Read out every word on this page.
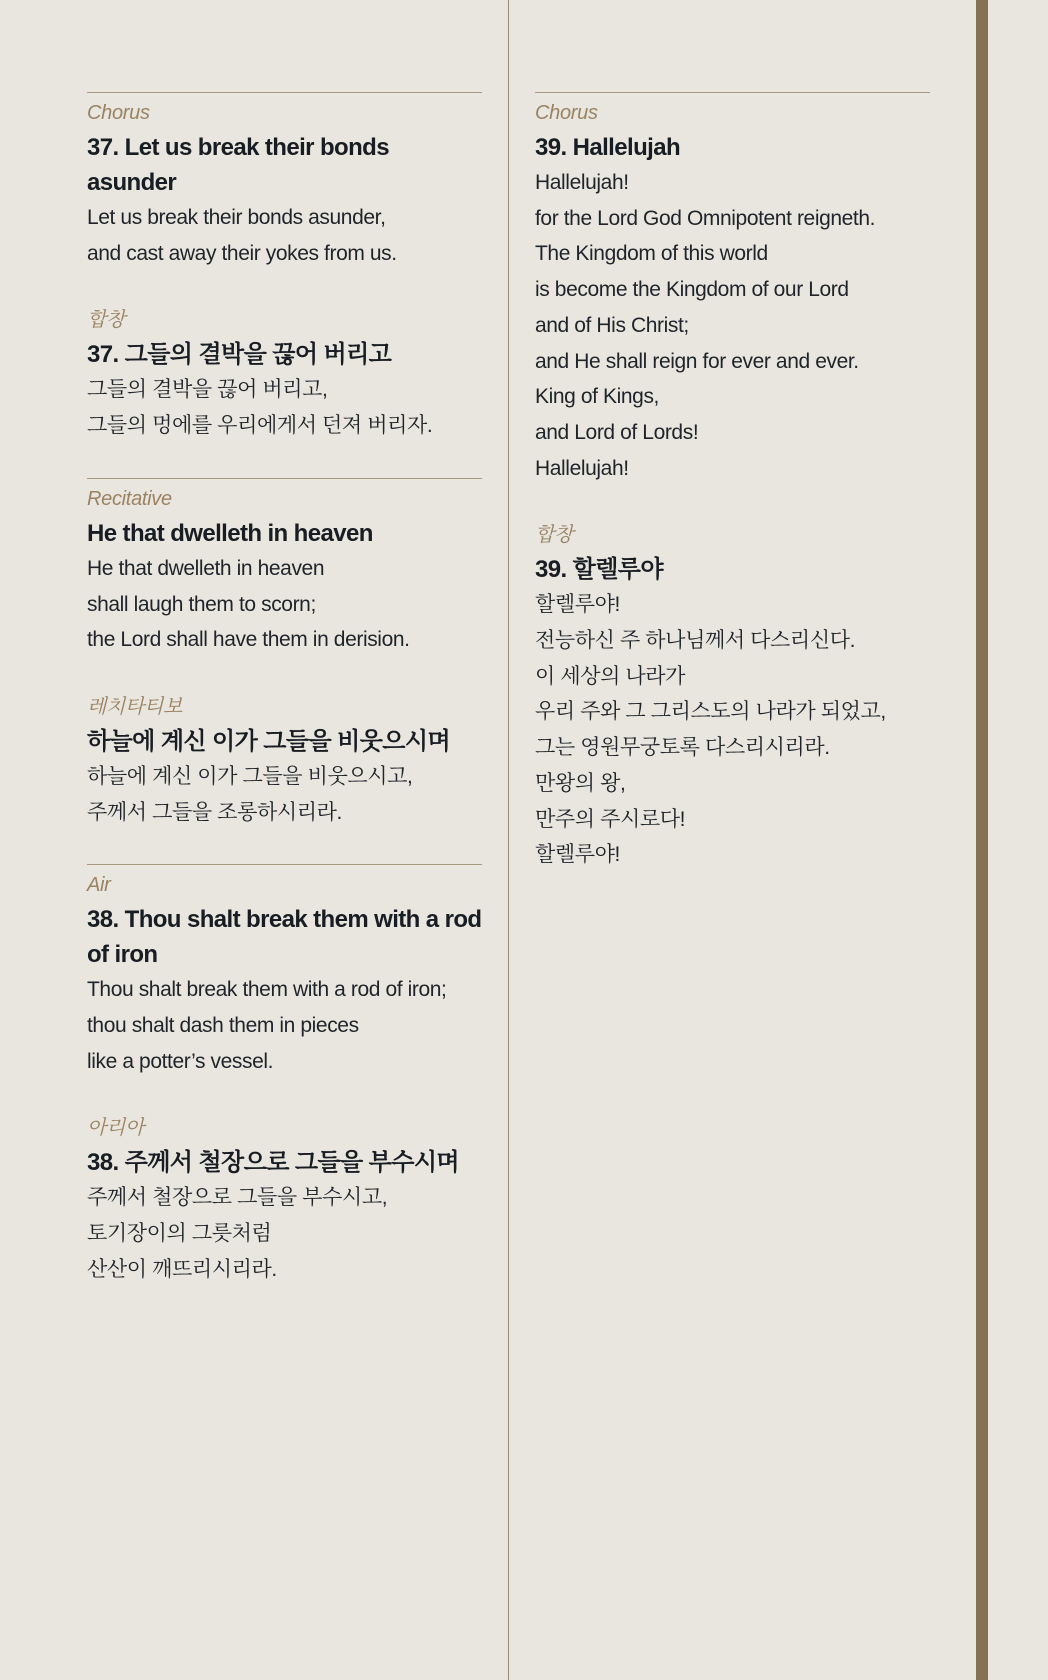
Chorus

37. Let us break their bonds asunder
Let us break their bonds asunder,
and cast away their yokes from us.

합창

37. 그들의 결박을 끊어 버리고
그들의 결박을 끊어 버리고,
그들의 멍에를 우리에게서 던져 버리자.

Recitative

He that dwelleth in heaven
He that dwelleth in heaven
shall laugh them to scorn;
the Lord shall have them in derision.

레치타티보

하늘에 계신 이가 그들을 비웃으시며
하늘에 계신 이가 그들을 비웃으시고,
주께서 그들을 조롱하시리라.

Air

38. Thou shalt break them with a rod of iron
Thou shalt break them with a rod of iron;
thou shalt dash them in pieces
like a potter’s vessel.

아리아

38. 주께서 철장으로 그들을 부수시며
주께서 철장으로 그들을 부수시고,
토기장이의 그릇처럼
산산이 깨뜨리시리라.

Chorus

39. Hallelujah
Hallelujah!
for the Lord God Omnipotent reigneth.
The Kingdom of this world
is become the Kingdom of our Lord
and of His Christ;
and He shall reign for ever and ever.
King of Kings,
and Lord of Lords!
Hallelujah!

합창

39. 할렐루야
할렐루야!
전능하신 주 하나님께서 다스리신다.
이 세상의 나라가
우리 주와 그 그리스도의 나라가 되었고,
그는 영원무궁토록 다스리시리라.
만왕의 왕,
만주의 주시로다!
할렐루야!
